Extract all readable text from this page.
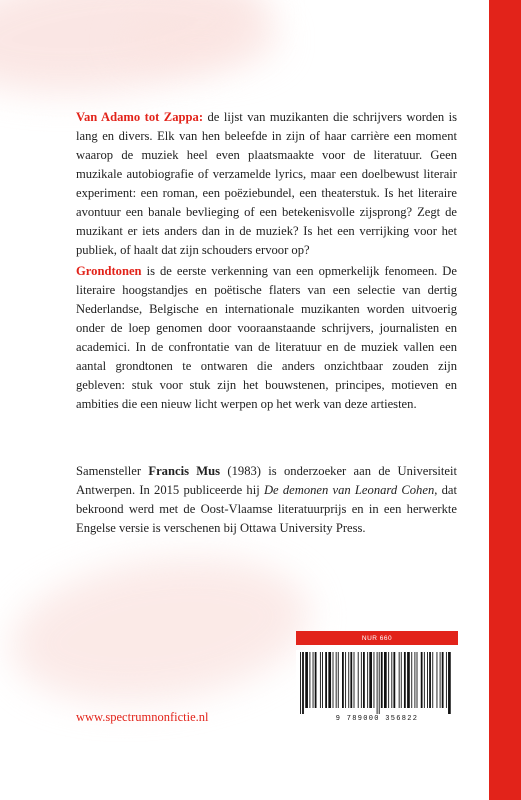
Van Adamo tot Zappa: de lijst van muzikanten die schrijvers worden is lang en divers. Elk van hen beleefde in zijn of haar carrière een moment waarop de muziek heel even plaatsmaakte voor de literatuur. Geen muzikale autobiografie of verzamelde lyrics, maar een doelbewust literair experiment: een roman, een poëziebundel, een theaterstuk. Is het literaire avontuur een banale bevlieging of een betekenisvolle zijsprong? Zegt de muzikant er iets anders dan in de muziek? Is het een verrijking voor het publiek, of haalt dat zijn schouders ervoor op?
Grondtonen is de eerste verkenning van een opmerkelijk fenomeen. De literaire hoogstandjes en poëtische flaters van een selectie van dertig Nederlandse, Belgische en internationale muzikanten worden uitvoerig onder de loep genomen door vooraanstaande schrijvers, journalisten en academici. In de confrontatie van de literatuur en de muziek vallen een aantal grondtonen te ontwaren die anders onzichtbaar zouden zijn gebleven: stuk voor stuk zijn het bouwstenen, principes, motieven en ambities die een nieuw licht werpen op het werk van deze artiesten.
Samensteller Francis Mus (1983) is onderzoeker aan de Universiteit Antwerpen. In 2015 publiceerde hij De demonen van Leonard Cohen, dat bekroond werd met de Oost-Vlaamse literatuurprijs en in een herwerkte Engelse versie is verschenen bij Ottawa University Press.
NUR 660
9 789000 356822
www.spectrumnonfictie.nl
